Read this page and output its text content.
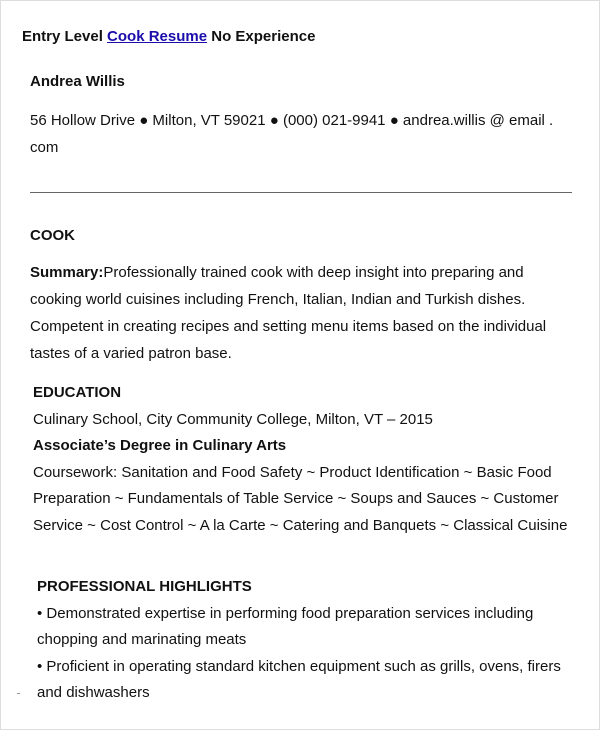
Entry Level Cook Resume No Experience
Andrea Willis
56 Hollow Drive ● Milton, VT 59021 ● (000) 021-9941 ● andrea.willis @ email . com
COOK
Summary:Professionally trained cook with deep insight into preparing and cooking world cuisines including French, Italian, Indian and Turkish dishes. Competent in creating recipes and setting menu items based on the individual tastes of a varied patron base.
EDUCATION
Culinary School, City Community College, Milton, VT – 2015
Associate’s Degree in Culinary Arts
Coursework: Sanitation and Food Safety ~ Product Identification ~ Basic Food Preparation ~ Fundamentals of Table Service ~ Soups and Sauces ~ Customer Service ~ Cost Control ~ A la Carte ~ Catering and Banquets ~ Classical Cuisine
PROFESSIONAL HIGHLIGHTS
• Demonstrated expertise in performing food preparation services including chopping and marinating meats
• Proficient in operating standard kitchen equipment such as grills, ovens, firers and dishwashers
